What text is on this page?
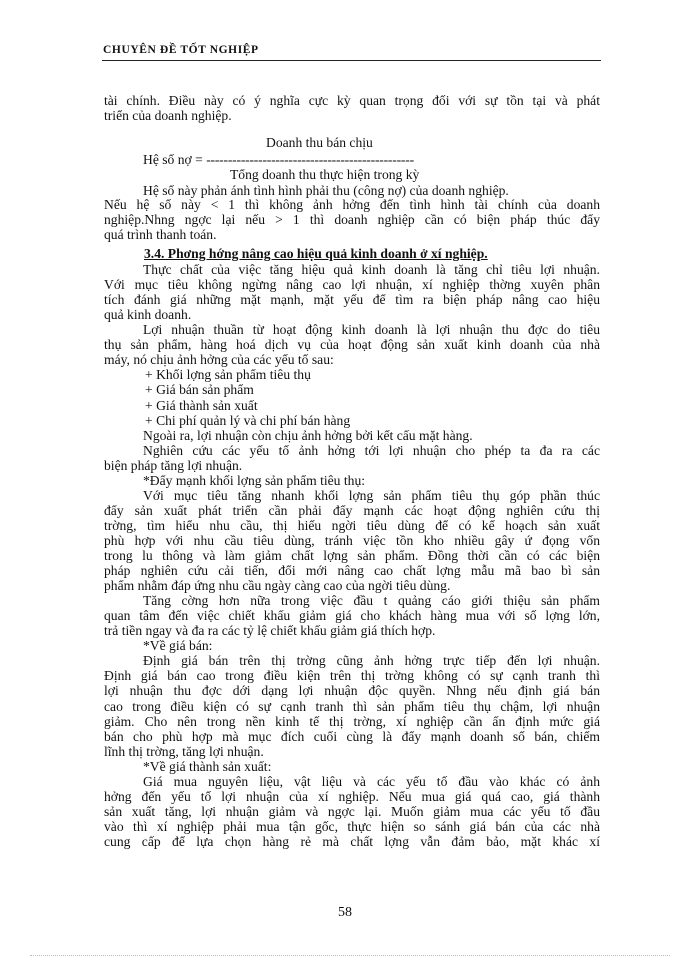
CHUYÊN ĐỀ TỐT NGHIỆP
tài chính. Điều này có ý nghĩa cực kỳ quan trọng đối với sự tồn tại và phát
triển của doanh nghiệp.
Doanh thu bán chịu
Hệ số nợ = ------------------------------------------------
Tổng doanh thu thực hiện trong kỳ
Hệ số này phản ánh tình hình phải thu (công nợ) của doanh nghiệp.
Nếu hệ số này < 1 thì không ảnh hởng đến tình hình tài chính của doanh
nghiệp.Nhng ngợc lại nếu > 1 thì doanh nghiệp cần có biện pháp thúc đẩy
quá trình thanh toán.
3.4. Phơng hớng nâng cao hiệu quả kinh doanh ở xí nghiệp.
Thực chất của việc tăng hiệu quả kinh doanh là tăng chỉ tiêu lợi nhuận.
Với mục tiêu không ngừng nâng cao lợi nhuận, xí nghiệp thờng xuyên phân
tích đánh giá những mặt mạnh, mặt yếu để tìm ra biện pháp nâng cao hiệu
quả kinh doanh.
Lợi nhuận thuần từ hoạt động kinh doanh là lợi nhuận thu đợc do tiêu
thụ sản phẩm, hàng hoá dịch vụ của hoạt động sản xuất kinh doanh của nhà
máy, nó chịu ảnh hởng của các yếu tố sau:
+ Khối lợng sản phẩm tiêu thụ
+ Giá bán sản phẩm
+ Giá thành sản xuất
+ Chi phí quản lý và chi phí bán hàng
Ngoài ra, lợi nhuận còn chịu ảnh hởng bởi kết cấu mặt hàng.
Nghiên cứu các yếu tố ảnh hởng tới lợi nhuận cho phép ta đa ra các
biện pháp tăng lợi nhuận.
*Đẩy mạnh khối lợng sản phẩm tiêu thụ:
Với mục tiêu tăng nhanh khối lợng sản phẩm tiêu thụ góp phần thúc
đẩy sản xuất phát triển cần phải đẩy mạnh các hoạt động nghiên cứu thị
trờng, tìm hiểu nhu cầu, thị hiếu ngời tiêu dùng để có kế hoạch sản xuất
phù hợp với nhu cầu tiêu dùng, tránh việc tồn kho nhiều gây ứ đọng vốn
trong lu thông và làm giảm chất lợng sản phẩm. Đồng thời cần có các biện
pháp nghiên cứu cải tiến, đổi mới nâng cao chất lợng mẫu mã bao bì sản
phẩm nhằm đáp ứng nhu cầu ngày càng cao của ngời tiêu dùng.
Tăng cờng hơn nữa trong việc đầu t quảng cáo giới thiệu sản phẩm
quan tâm đến việc chiết khấu giảm giá cho khách hàng mua với số lợng lớn,
trả tiền ngay và đa ra các tỷ lệ chiết khấu giảm giá thích hợp.
*Về giá bán:
Định giá bán trên thị trờng cũng ảnh hởng trực tiếp đến lợi nhuận.
Định giá bán cao trong điều kiện trên thị trờng không có sự cạnh tranh thì
lợi nhuận thu đợc dới dạng lợi nhuận độc quyền. Nhng nếu định giá bán
cao trong điều kiện có sự cạnh tranh thì sản phẩm tiêu thụ chậm, lợi nhuận
giảm. Cho nên trong nền kinh tế thị trờng, xí nghiệp cần ấn định mức giá
bán cho phù hợp mà mục đích cuối cùng là đẩy mạnh doanh số bán, chiếm
lĩnh thị trờng, tăng lợi nhuận.
*Về giá thành sản xuất:
Giá mua nguyên liệu, vật liệu và các yếu tố đầu vào khác có ảnh
hởng đến yếu tố lợi nhuận của xí nghiệp. Nếu mua giá quá cao, giá thành
sản xuất tăng, lợi nhuận giảm và ngợc lại. Muốn giảm mua các yếu tố đầu
vào thì xí nghiệp phải mua tận gốc, thực hiện so sánh giá bán của các nhà
cung cấp để lựa chọn hàng rẻ mà chất lợng vẫn đảm bảo, mặt khác xí
58
